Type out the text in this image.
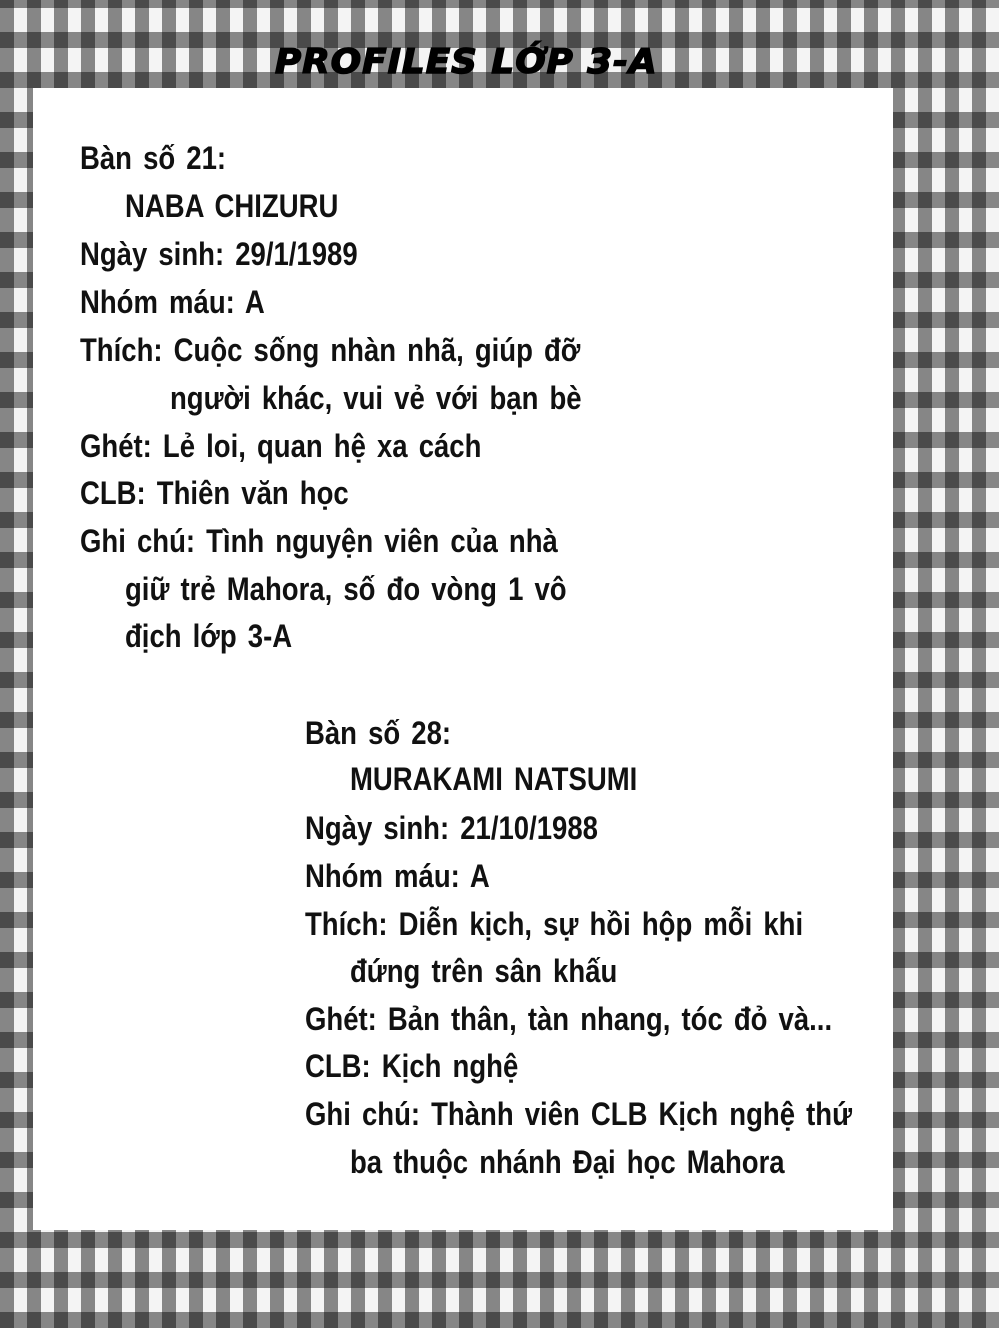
PROFILES LỚP 3-A
Bàn số 21:
NABA CHIZURU
Ngày sinh: 29/1/1989
Nhóm máu: A
Thích: Cuộc sống nhàn nhã, giúp đỡ
người khác, vui vẻ với bạn bè
Ghét: Lẻ loi, quan hệ xa cách
CLB: Thiên văn học
Ghi chú: Tình nguyện viên của nhà
giữ trẻ Mahora, số đo vòng 1 vô
địch lớp 3-A
Bàn số 28:
MURAKAMI NATSUMI
Ngày sinh: 21/10/1988
Nhóm máu: A
Thích: Diễn kịch, sự hồi hộp mỗi khi
đứng trên sân khấu
Ghét: Bản thân, tàn nhang, tóc đỏ và...
CLB: Kịch nghệ
Ghi chú: Thành viên CLB Kịch nghệ thứ
ba thuộc nhánh Đại học Mahora
